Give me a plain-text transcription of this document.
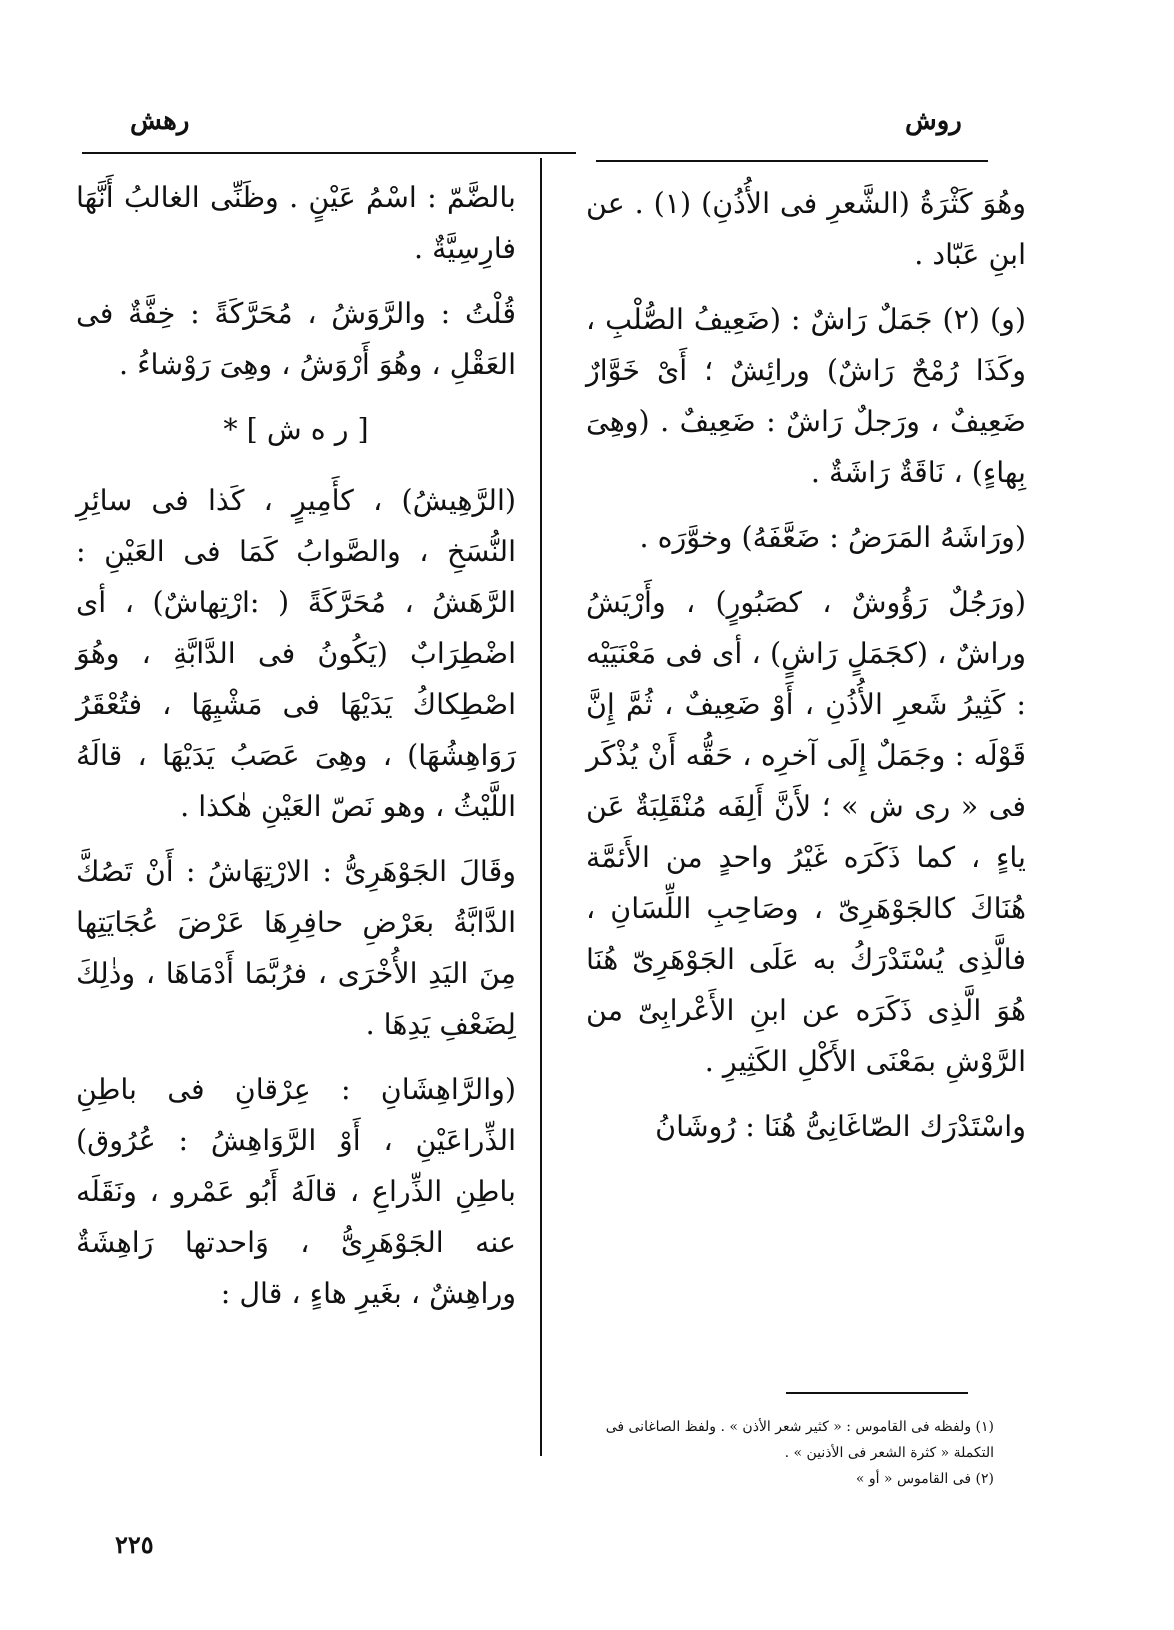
روش
رهش

وهُوَ كَثْرَةُ (الشَّعرِ فى الأُذُنِ) (١) . عن ابنِ عَبّاد .

(و) (٢) جَمَلٌ رَاشٌ : (ضَعِيفُ الصُّلْبِ ، وكَذَا رُمْحٌ رَاشٌ) ورائِشٌ ؛ أَىْ خَوَّارٌ ضَعِيفٌ ، ورَجلٌ رَاشٌ : ضَعِيفٌ . (وهِىَ بِهاءٍ) ، نَاقَةٌ رَاشَةٌ .

(ورَاشَهُ المَرَضُ : ضَعَّفَهُ) وخوَّرَه .

(ورَجُلٌ رَؤُوشٌ ، كصَبُورٍ) ، وأَرْيَشُ وراشٌ ، (كجَمَلٍ رَاشٍ) ، أى فى مَعْنَيَيْه : كَثِيرُ شَعرِ الأُذُنِ ، أَوْ ضَعِيفٌ ، ثُمَّ إِنَّ قَوْلَه : وجَمَلٌ إِلَى آخرِه ، حَقُّه أَنْ يُذْكَر فى « رى ش » ؛ لأَنَّ أَلِفَه مُنْقَلِبَةٌ عَن ياءٍ ، كما ذَكَرَه غَيْرُ واحدٍ من الأَئمَّة هُنَاكَ كالجَوْهَرِىّ ، وصَاحِبِ اللِّسَانِ ، فالَّذِى يُسْتَدْرَكُ به عَلَى الجَوْهَرِىّ هُنَا هُوَ الَّذِى ذَكَرَه عن ابنِ الأَعْرابِىّ من الرَّوْشِ بمَعْنَى الأَكْلِ الكَثِيرِ .

واسْتَدْرَك الصّاغَانِىُّ هُنَا : رُوشَانُ

بالضَّمّ : اسْمُ عَيْنٍ . وظَنِّى الغالبُ أَنَّهَا فارِسِيَّةٌ .

قُلْتُ : والرَّوَشُ ، مُحَرَّكَةً : خِفَّةٌ فى العَقْلِ ، وهُوَ أَرْوَشُ ، وهِىَ رَوْشاءُ .

[ ر ه ش ] *

(الرَّهِيشُ) ، كأَمِيرٍ ، كَذا فى سائِرِ النُّسَخِ ، والصَّوابُ كَمَا فى العَيْنِ : الرَّهَشُ ، مُحَرَّكَةً ( :ارْتِهاشٌ) ، أى اضْطِرَابٌ (يَكُونُ فى الدَّابَّةِ ، وهُوَ اصْطِكاكُ يَدَيْهَا فى مَشْيِهَا ، فتُعْقَرُ رَوَاهِشُهَا) ، وهِىَ عَصَبُ يَدَيْهَا ، قالَهُ اللَّيْثُ ، وهو نَصّ العَيْنِ هٰكذا .

وقَالَ الجَوْهَرِىُّ : الارْتِهَاشُ : أَنْ تَصُكَّ الدَّابَّةُ بعَرْضِ حافِرِهَا عَرْضَ عُجَايَتِها مِنَ اليَدِ الأُخْرَى ، فرُبَّمَا أَدْمَاهَا ، وذٰلِكَ لِضَعْفِ يَدِهَا .

(والرَّاهِشَانِ : عِرْقانِ فى باطِنِ الذِّراعَيْنِ ، أَوْ الرَّوَاهِشُ : عُرُوق) باطِنِ الذِّراعِ ، قالَهُ أَبُو عَمْرو ، ونَقَلَه عنه الجَوْهَرِىُّ ، وَاحدتها رَاهِشَةٌ وراهِشٌ ، بغَيرِ هاءٍ ، قال :

(١) ولفظه فى القاموس : « كثير شعر الأذن » . ولفظ الصاغانى فى التكملة « كثرة الشعر فى الأذنين » .
(٢) فى القاموس « أو »
٢٢٥
